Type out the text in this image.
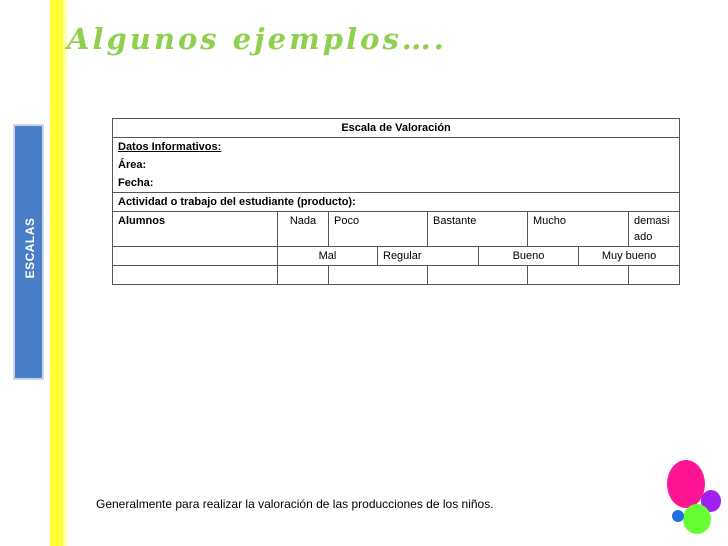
ESCALAS
Algunos ejemplos….
Escala de Valoración								
Datos Informativos:								
Área:								
Fecha:								
Actividad o trabajo del estudiante (producto):								
Alumnos	Nada	Poco		Bastante		Mucho		demasiado
	Mal		Regular		Bueno		Muy bueno	

Generalmente para realizar la valoración de las producciones de los niños.
